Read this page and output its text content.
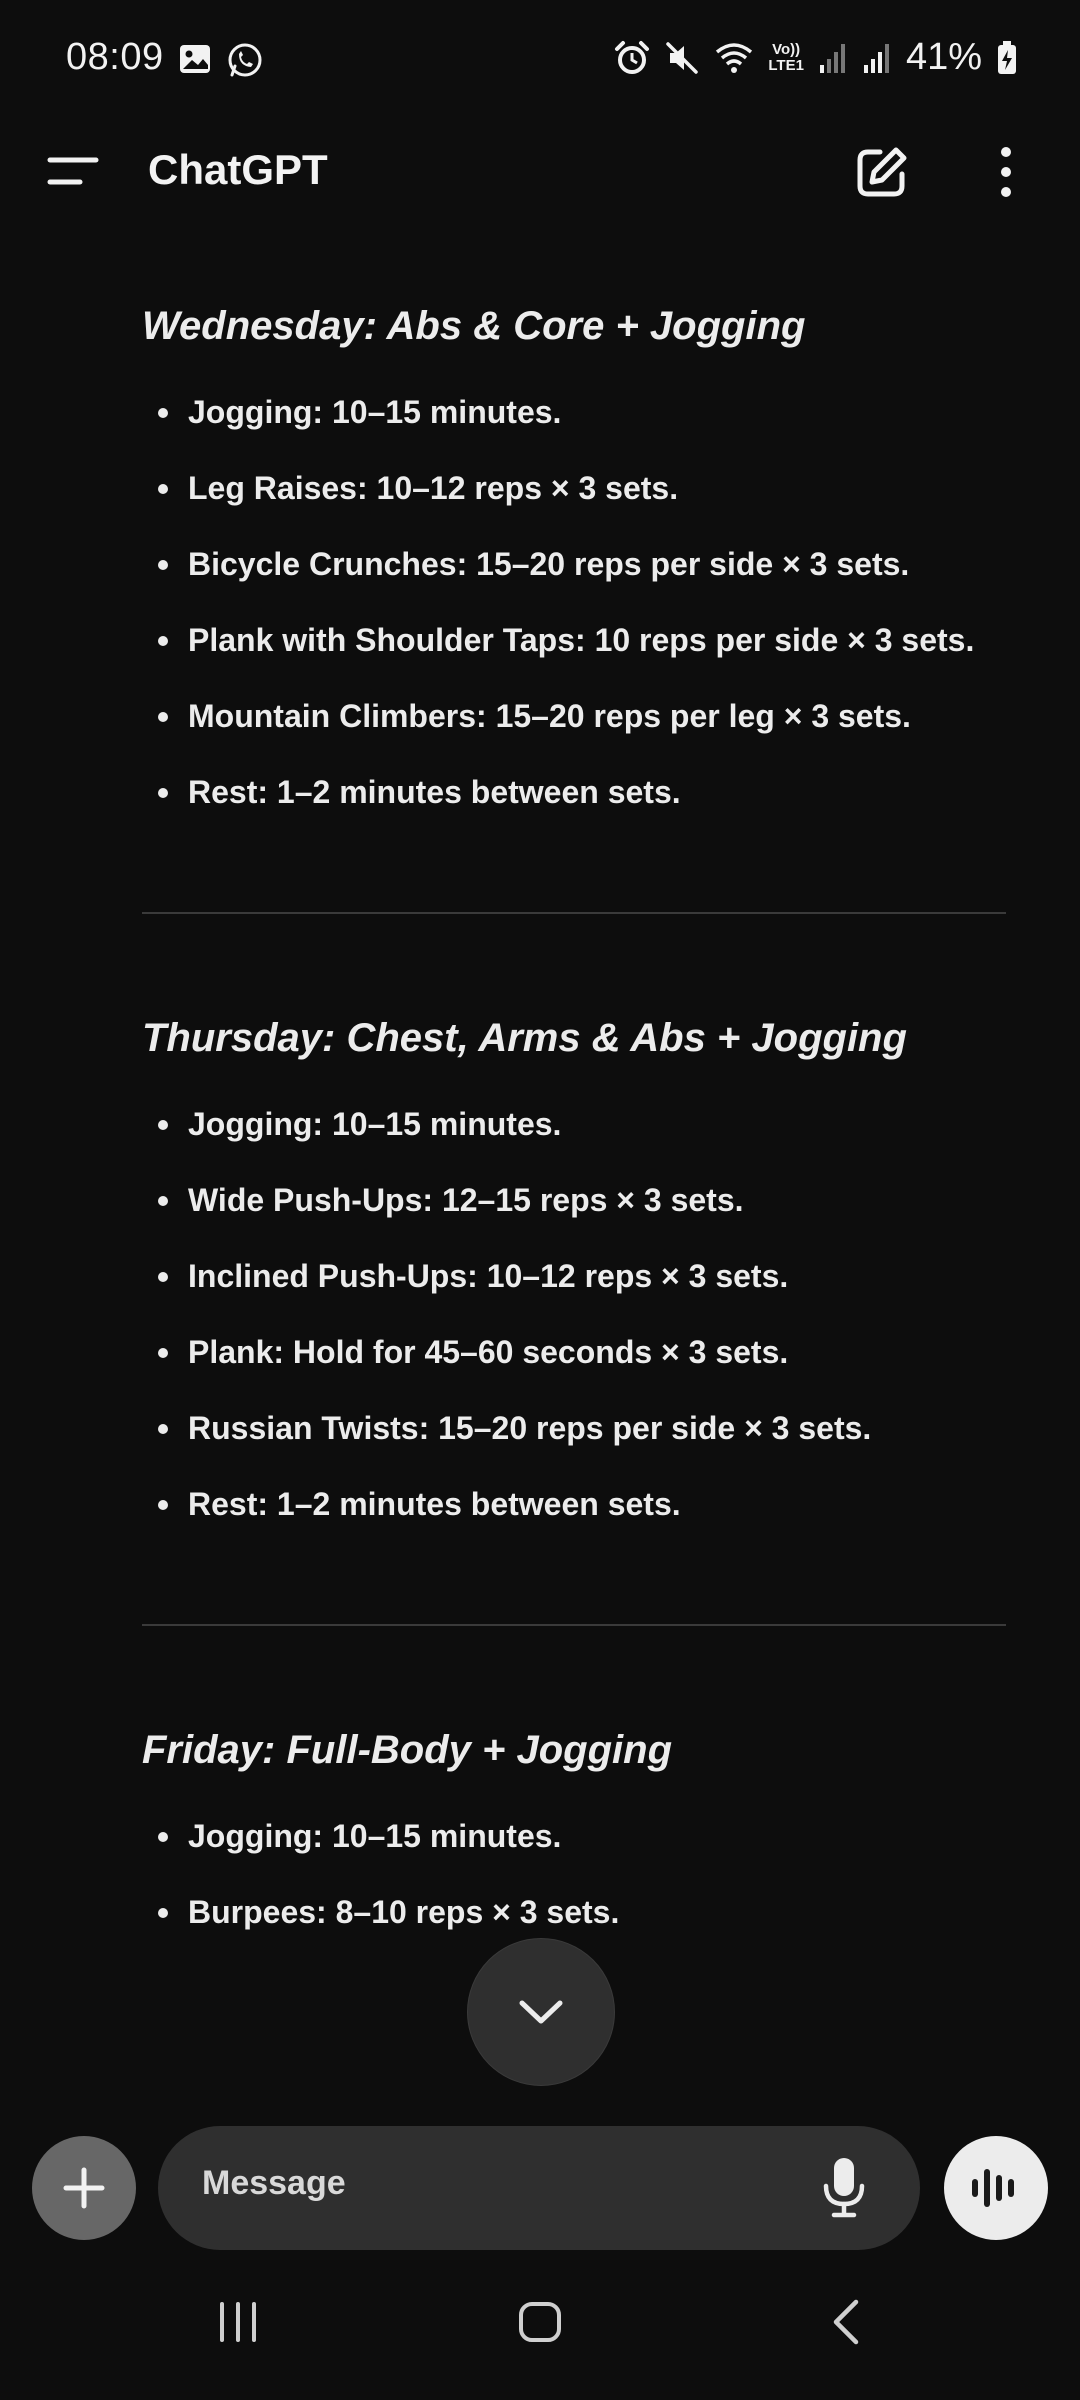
08:09	Vo))
LTE1	41%
ChatGPT
Wednesday: Abs & Core + Jogging
Jogging: 10–15 minutes.
Leg Raises: 10–12 reps × 3 sets.
Bicycle Crunches: 15–20 reps per side × 3 sets.
Plank with Shoulder Taps: 10 reps per side × 3 sets.
Mountain Climbers: 15–20 reps per leg × 3 sets.
Rest: 1–2 minutes between sets.
Thursday: Chest, Arms & Abs + Jogging
Jogging: 10–15 minutes.
Wide Push-Ups: 12–15 reps × 3 sets.
Inclined Push-Ups: 10–12 reps × 3 sets.
Plank: Hold for 45–60 seconds × 3 sets.
Russian Twists: 15–20 reps per side × 3 sets.
Rest: 1–2 minutes between sets.
Friday: Full-Body + Jogging
Jogging: 10–15 minutes.
Burpees: 8–10 reps × 3 sets.
Message
